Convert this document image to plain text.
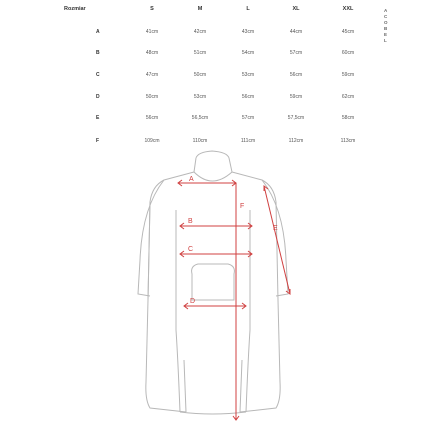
Rozmiar	S	M	L	XL	XXL
A	41cm	42cm	43cm	44cm	45cm
B	48cm	51cm	54cm	57cm	60cm
C	47cm	50cm	53cm	56cm	59cm
D	50cm	53cm	56cm	59cm	62cm
E	56cm	56,5cm	57cm	57,5cm	58cm
F	109cm	110cm	111cm	112cm	113cm
A
C
O
B
E
L
A
F
B
E
C
D
